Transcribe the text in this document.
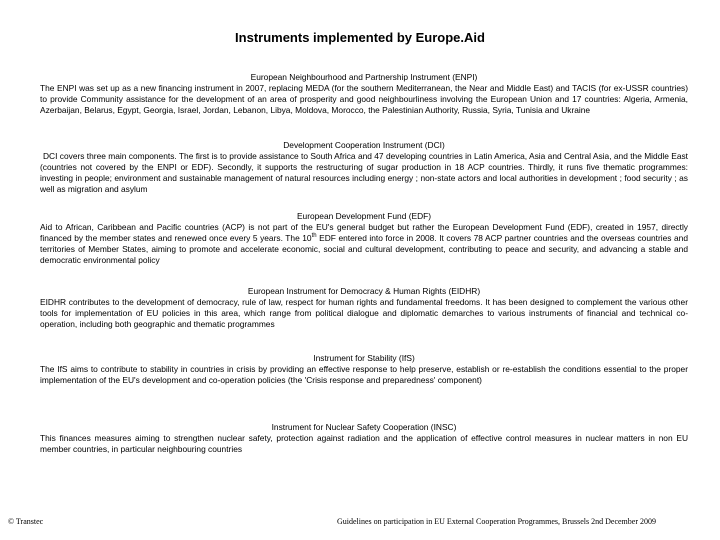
Instruments implemented by Europe.Aid
European Neighbourhood and Partnership Instrument (ENPI)
The ENPI was set up as a new financing instrument in 2007, replacing MEDA (for the southern Mediterranean, the Near and Middle East) and TACIS (for ex-USSR countries) to provide Community assistance for the development of an area of prosperity and good neighbourliness involving the European Union and 17 countries: Algeria, Armenia, Azerbaijan, Belarus, Egypt, Georgia, Israel, Jordan, Lebanon, Libya, Moldova, Morocco, the Palestinian Authority, Russia, Syria, Tunisia and Ukraine
Development Cooperation Instrument (DCI)
DCI covers three main components. The first is to provide assistance to South Africa and 47 developing countries in Latin America, Asia and Central Asia, and the Middle East (countries not covered by the ENPI or EDF). Secondly, it supports the restructuring of sugar production in 18 ACP countries. Thirdly, it runs five thematic programmes: investing in people; environment and sustainable management of natural resources including energy ; non-state actors and local authorities in development ; food security ; as well as migration and asylum
European Development Fund (EDF)
Aid to African, Caribbean and Pacific countries (ACP) is not part of the EU's general budget but rather the European Development Fund (EDF), created in 1957, directly financed by the member states and renewed once every 5 years. The 10th EDF entered into force in 2008. It covers 78 ACP partner countries and the overseas countries and territories of Member States, aiming to promote and accelerate economic, social and cultural development, contributing to peace and security, and advancing a stable and democratic environmental policy
European Instrument for Democracy & Human Rights (EIDHR)
EIDHR contributes to the development of democracy, rule of law, respect for human rights and fundamental freedoms. It has been designed to complement the various other tools for implementation of EU policies in this area, which range from political dialogue and diplomatic demarches to various instruments of financial and technical co-operation, including both geographic and thematic programmes
Instrument for Stability (IfS)
The IfS aims to contribute to stability in countries in crisis by providing an effective response to help preserve, establish or re-establish the conditions essential to the proper implementation of the EU's development and co-operation policies (the 'Crisis response and preparedness' component)
Instrument for Nuclear Safety Cooperation (INSC)
This finances measures aiming to strengthen nuclear safety, protection against radiation and the application of effective control measures in nuclear matters in non EU member countries, in particular neighbouring countries
© Transtec	Guidelines on participation in EU External Cooperation Programmes, Brussels 2nd December 2009
